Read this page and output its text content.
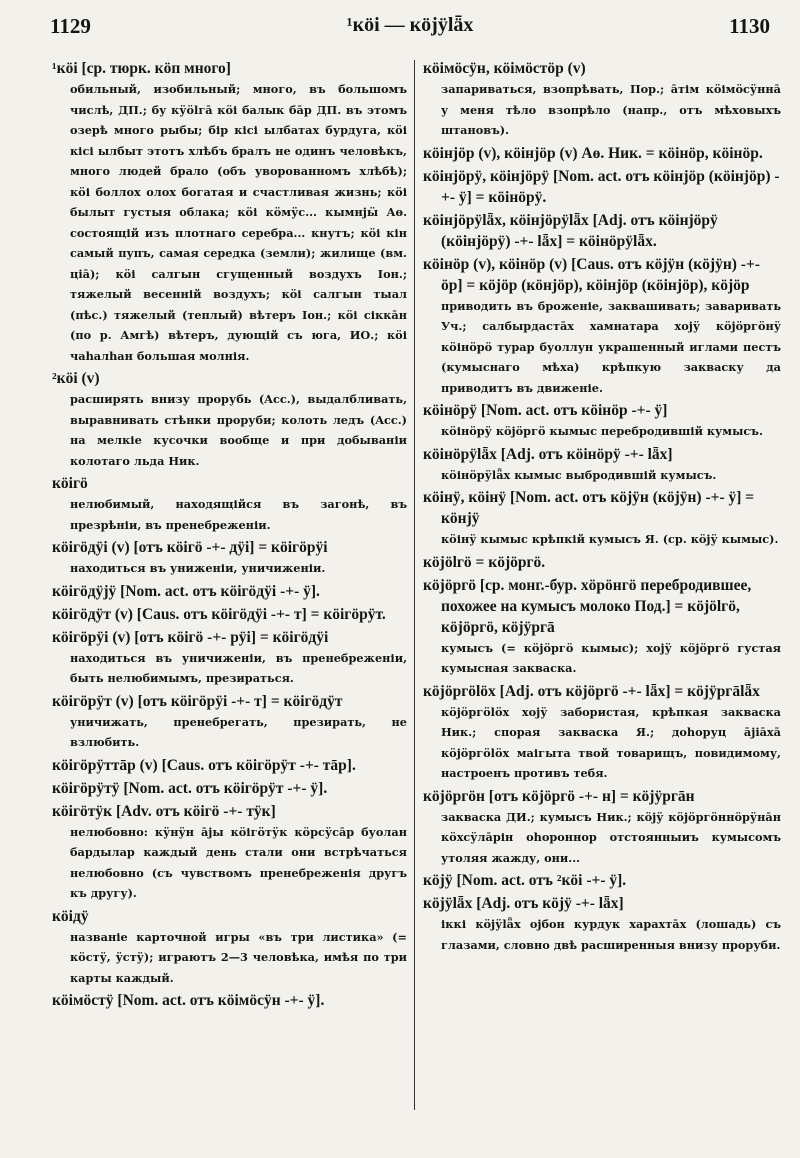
1129	¹кöі — кöjӱlǟх	1130

¹кöі [ср. тюрк. кöп много]

обильный, изобильный; много, въ большомъ числѣ, ДП.; бу кӱölгā кöі балык бāр ДП. въ этомъ озерѣ много рыбы; бір кісі ылбатах бурдуга, кöі кісі ылбыт этотъ хлѣбъ бралъ не одинъ человѣкъ, много людей брало (объ уворованномъ хлѣбѣ); кöі боллох олох богатая и счастливая жизнь; кöі былыт густыя облака; кöі кӧмӱс... кымнjӹ Аө. состоящій изъ плотнаго серебра... кнутъ; кöі кін самый пупъ, самая середка (земли); жилище (вм. цiā); кöі салгын сгущенный воздухъ Іон.; тяжелый весенній воздухъ; кöі салгын тыал (пѣс.) тяжелый (теплый) вѣтеръ Іон.; кöі сіккāн (по р. Амгѣ) вѣтеръ, дующій съ юга, ИО.; кöі чаhалhан большая молнія.

²кöі (v)

расширять внизу прорубь (Acc.), выдалбливать, выравнивать стѣнки проруби; колоть ледъ (Acc.) на мелкіе кусочки вообще и при добываніи колотаго льда Ник.

кöігö

нелюбимый, находящійся въ загонѣ, въ презрѣніи, въ пренебреженіи.

кöігöдӱі (v) [отъ кöігö -+- дӱі] = кöігöрӱі

находиться въ униженіи, уничиженіи.

кöігöдӱjӱ [Nom. act. отъ кöігöдӱі -+- ӱ].

кöігöдӱт (v) [Caus. отъ кöігöдӱі -+- т] = кöігöрӱт.

кöігöрӱі (v) [отъ кöігö -+- рӱі] = кöігöдӱі

находиться въ уничиженіи, въ пренебреженіи, быть нелюбимымъ, презираться.

кöігöрӱт (v) [отъ кöігöрӱі -+- т] = кöігöдӱт

уничижать, пренебрегать, презирать, не взлюбить.

кöігöрӱттāр (v) [Caus. отъ кöігöрӱт -+- тāр].

кöігöрӱтӱ [Nom. act. отъ кöігöрӱт -+- ӱ].

кöігöтӱк [Adv. отъ кöігö -+- тӱк]

нелюбовно: кӱнӱн ājы кöігöтӱк кöрсӱсāр буолан бардылар каждый день стали они встрѣчаться нелюбовно (съ чувствомъ пренебреженія другъ къ другу).

кöідӱ

названіе карточной игры «въ три листика» (= кöстӱ, ӱстӱ); играютъ 2—3 человѣка, имѣя по три карты каждый.

кöімöстӱ [Nom. act. отъ кöімöсӱн -+- ӱ].

кöімöсӱн, кöімöстöр (v)

запариваться, взопрѣвать, Пор.; āтім кöімöсӱннā у меня тѣло взопрѣло (напр., отъ мѣховыхъ штановъ).

кöінjöр (v), кöінjöр (v) Аө. Ник. = кöінöр, кöінöр.

кöінjöрӱ, кöінjöрӱ [Nom. act. отъ кöінjöр (кöінjöр) -+- ӱ] = кöінöрӱ.

кöінjöрӱlǟх, кöінjöрӱlǟх [Adj. отъ кöінjöрӱ (кöінjöрӱ) -+- lǟх] = кöінöрӱlǟх.

кöінöр (v), кöінöр (v) [Caus. отъ кöjӱн (кöjӱн) -+- öр] = кöjöр (кöнjöр), кöінjöр (кöінjöр), кöjöр

приводить въ броженіе, заквашивать; заваривать Уч.; салбырдастāх хамнатара хоjӱ кöjöргöнӱ кöінöрö турар буоллун украшенный иглами пестъ (кумыснаго мѣха) крѣпкую закваску да приводитъ въ движеніе.

кöінöрӱ [Nom. act. отъ кöінöр -+- ӱ]

кöінöрӱ кöjöргö кымыс перебродившій кумысъ.

кöінöрӱlǟх [Adj. отъ кöінöрӱ -+- lǟх]

кöінöрӱlǟх кымыс выбродившій кумысъ.

кöінӱ, кöінӱ [Nom. act. отъ кöjӱн (кöjӱн) -+- ӱ] = кöнjӱ

кöінӱ кымыс крѣпкій кумысъ Я. (ср. кöjӱ кымыс).

кöjölгö = кöjöргö.

кöjöргö [ср. монг.-бур. хöрöнгö перебродившее, похожее на кумысъ молоко Под.] = кöjölгö, кöjöргö, кöjӱргā

кумысъ (= кöjöргö кымыс); хоjӱ кöjöргö густая кумысная закваска.

кöjöргölöх [Adj. отъ кöjöргö -+- lǟх] = кöjӱргālǟх

кöjöргölöх хоjӱ забористая, крѣпкая закваска Ник.; спорая закваска Я.; доhоруц ājiāxā кöjöргölöх маігыта твой товарищъ, повидимому, настроенъ противъ тебя.

кöjöргöн [отъ кöjöргö -+- н] = кöjӱргāн

закваска ДИ.; кумысъ Ник.; кöjӱ кöjöргöннöрӱнāн кöхсӱлāрін оhоронноp отстоянныиъ кумысомъ утоляя жажду, они...

кöjӱ [Nom. act. отъ ²кöі -+- ӱ].

кöjӱlǟх [Adj. отъ кöjӱ -+- lǟх]

ікκі кöjӱlǟх оjбон курдук харахтāх (лошадь) съ глазами, словно двѣ расширенныя внизу проруби.
